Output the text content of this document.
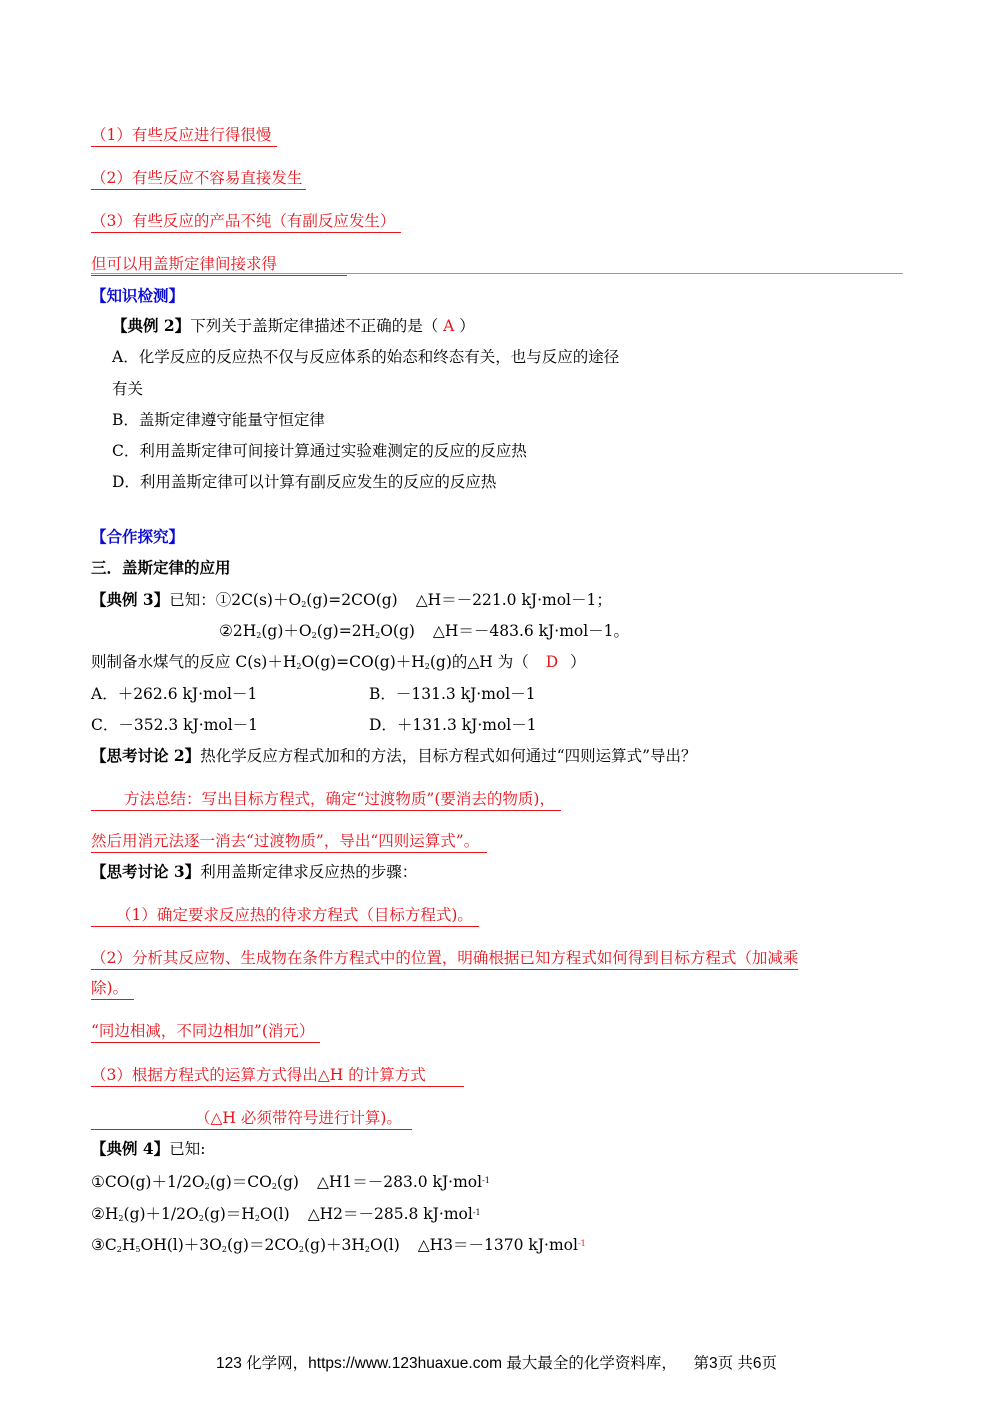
（1）有些反应进行得很慢
（2）有些反应不容易直接发生
（3）有些反应的产品不纯（有副反应发生）
但可以用盖斯定律间接求得
【知识检测】
【典例 2】下列关于盖斯定律描述不正确的是（ A ）
A．化学反应的反应热不仅与反应体系的始态和终态有关，也与反应的途径
有关
B．盖斯定律遵守能量守恒定律
C．利用盖斯定律可间接计算通过实验难测定的反应的反应热
D．利用盖斯定律可以计算有副反应发生的反应的反应热
【合作探究】
三．盖斯定律的应用
【典例 3】已知：$①2C(s)+O_2(g)=2CO(g)$ △H＝－221.0 kJ·mol－1；
$②2H_2(g)+O_2(g)=2H_2O(g)$ △H＝－483.6 kJ·mol－1。
则制备水煤气的反应 $C(s)+H_2O(g)=CO(g)+H_2(g)$的△H 为（ D ）
A．＋262.6 kJ·mol－1	B．－131.3 kJ·mol－1
C．－352.3 kJ·mol－1	D．＋131.3 kJ·mol－1
【思考讨论 2】热化学反应方程式加和的方法，目标方程式如何通过“四则运算式”导出？
方法总结：写出目标方程式，确定“过渡物质”(要消去的物质)，
然后用消元法逐一消去“过渡物质”，导出“四则运算式”。
【思考讨论 3】利用盖斯定律求反应热的步骤：
（1）确定要求反应热的待求方程式（目标方程式)。
（2）分析其反应物、生成物在条件方程式中的位置，明确根据已知方程式如何得到目标方程式（加减乘
除)。
“同边相减，不同边相加”(消元）
（3）根据方程式的运算方式得出△H 的计算方式
（△H 必须带符号进行计算)。
【典例 4】已知:
$①CO(g)+1/2O_2(g)=CO_2(g)$ △H1＝－283.0 kJ·mol$^{-1}$
$②H_2(g)+1/2O_2(g)=H_2O(l)$ △H2＝－285.8 kJ·mol$^{-1}$
$③C_2H_5OH(l)+3O_2(g)=2CO_2(g)+3H_2O(l)$ △H3＝－1370 kJ·mol$^{-1}$
123 化学网，https://www.123huaxue.com 最大最全的化学资料库， 第3页 共6页
